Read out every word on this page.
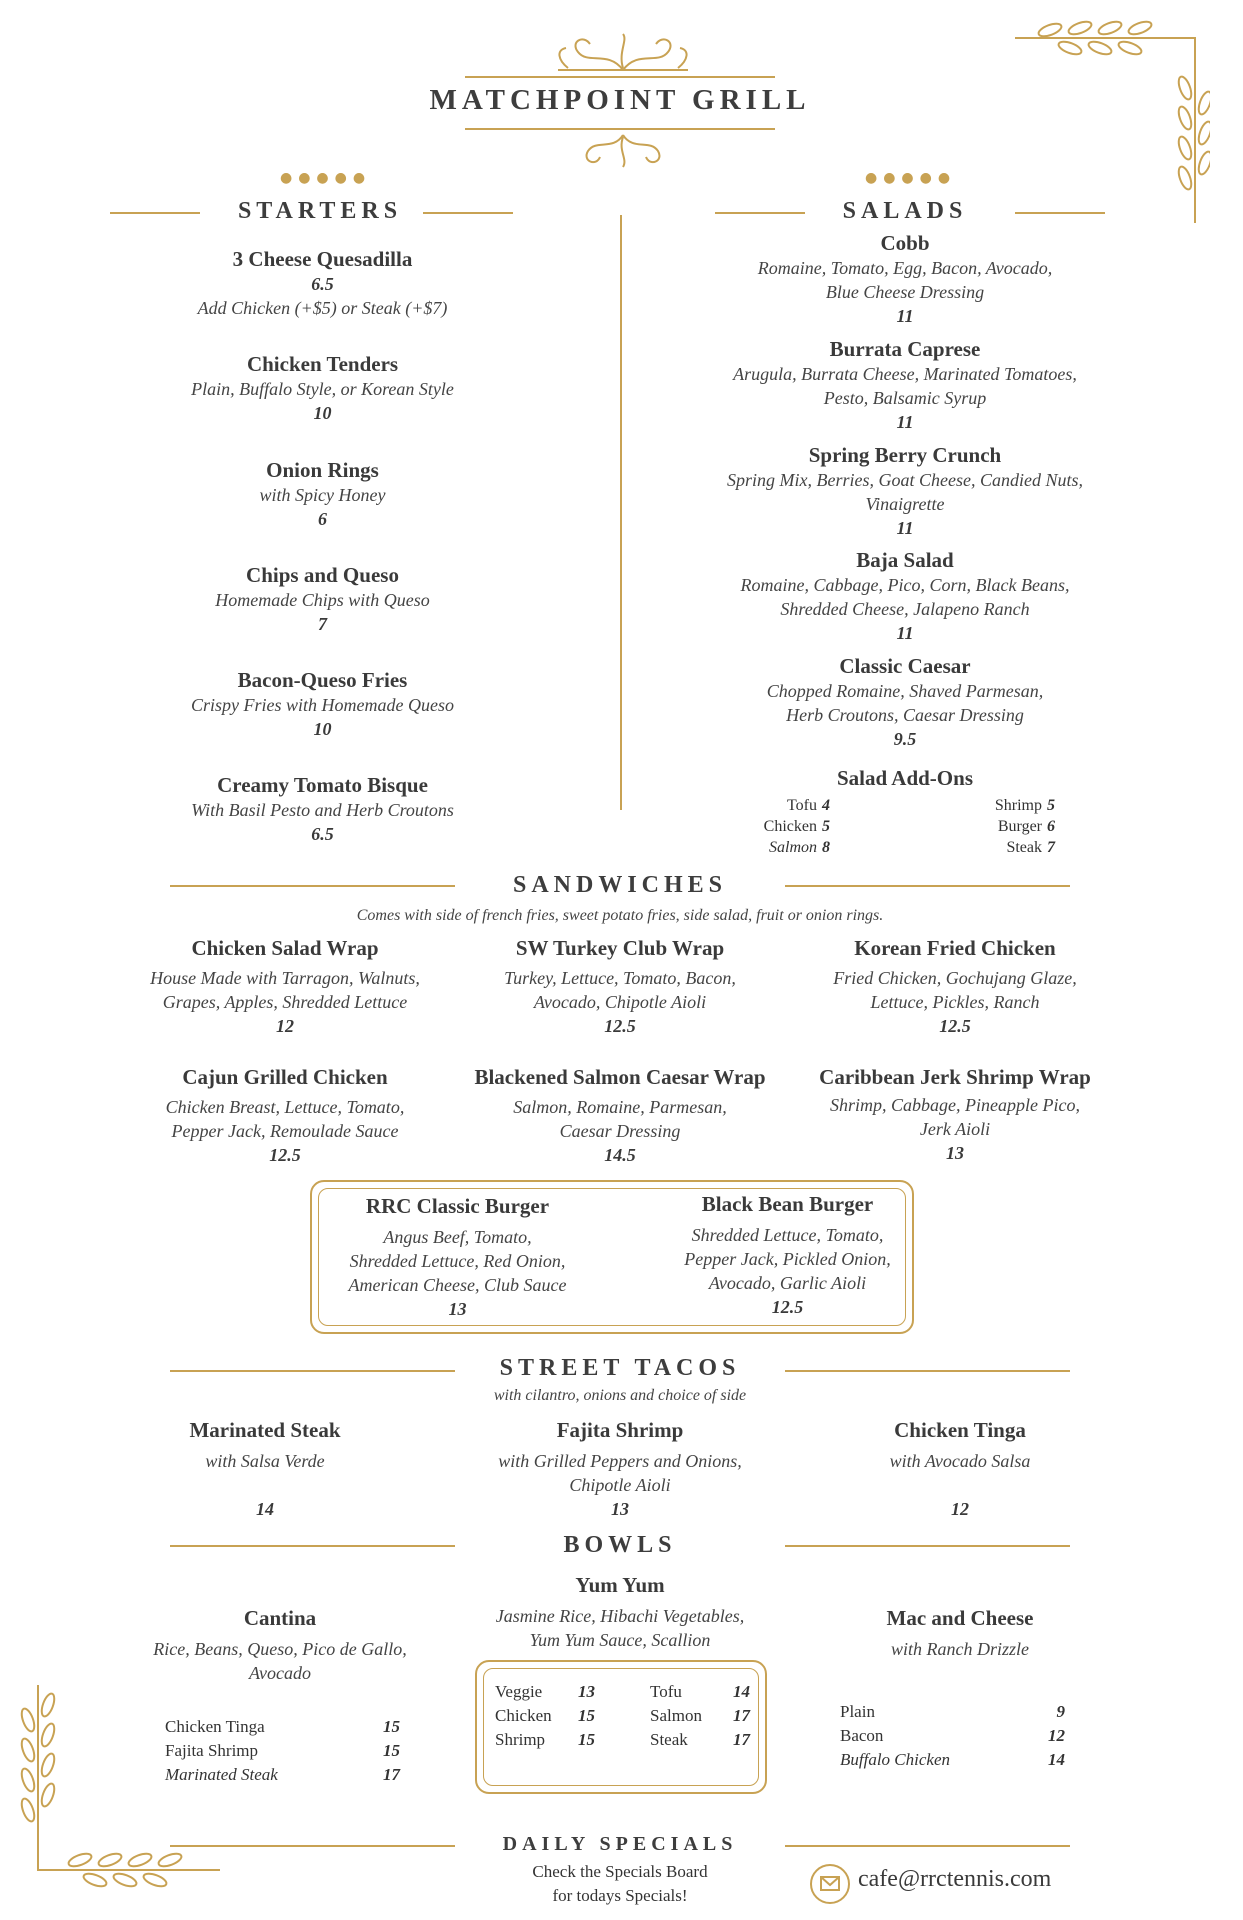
MATCHPOINT GRILL
●●●●●
STARTERS
3 Cheese Quesadilla
6.5
Add Chicken (+$5) or Steak (+$7)
Chicken Tenders
Plain, Buffalo Style, or Korean Style
10
Onion Rings
with Spicy Honey
6
Chips and Queso
Homemade Chips with Queso
7
Bacon-Queso Fries
Crispy Fries with Homemade Queso
10
Creamy Tomato Bisque
With Basil Pesto and Herb Croutons
6.5
●●●●●
SALADS
Cobb
Romaine, Tomato, Egg, Bacon, Avocado,
Blue Cheese Dressing
11
Burrata Caprese
Arugula, Burrata Cheese, Marinated Tomatoes,
Pesto, Balsamic Syrup
11
Spring Berry Crunch
Spring Mix, Berries, Goat Cheese, Candied Nuts,
Vinaigrette
11
Baja Salad
Romaine, Cabbage, Pico, Corn, Black Beans,
Shredded Cheese, Jalapeno Ranch
11
Classic Caesar
Chopped Romaine, Shaved Parmesan,
Herb Croutons, Caesar Dressing
9.5
Salad Add-Ons
Tofu 4
Chicken 5
Salmon 8
Shrimp 5
Burger 6
Steak 7
SANDWICHES
Comes with side of french fries, sweet potato fries, side salad, fruit or onion rings.
Chicken Salad Wrap
House Made with Tarragon, Walnuts,
Grapes, Apples, Shredded Lettuce
12
SW Turkey Club Wrap
Turkey, Lettuce, Tomato, Bacon,
Avocado, Chipotle Aioli
12.5
Korean Fried Chicken
Fried Chicken, Gochujang Glaze,
Lettuce, Pickles, Ranch
12.5
Cajun Grilled Chicken
Chicken Breast, Lettuce, Tomato,
Pepper Jack, Remoulade Sauce
12.5
Blackened Salmon Caesar Wrap
Salmon, Romaine, Parmesan,
Caesar Dressing
14.5
Caribbean Jerk Shrimp Wrap
Shrimp, Cabbage, Pineapple Pico,
Jerk Aioli
13
RRC Classic Burger
Angus Beef, Tomato,
Shredded Lettuce, Red Onion,
American Cheese, Club Sauce
13
Black Bean Burger
Shredded Lettuce, Tomato,
Pepper Jack, Pickled Onion,
Avocado, Garlic Aioli
12.5
STREET TACOS
with cilantro, onions and choice of side
Marinated Steak
with Salsa Verde
14
Fajita Shrimp
with Grilled Peppers and Onions,
Chipotle Aioli
13
Chicken Tinga
with Avocado Salsa
12
BOWLS
Cantina
Rice, Beans, Queso, Pico de Gallo,
Avocado
Chicken Tinga	15
Fajita Shrimp	15
Marinated Steak	17
Yum Yum
Jasmine Rice, Hibachi Vegetables,
Yum Yum Sauce, Scallion
Veggie 13
Chicken 15
Shrimp 15
Tofu	14
Salmon 17
Steak	17
Mac and Cheese
with Ranch Drizzle
Plain	9
Bacon	12
Buffalo Chicken	14
DAILY SPECIALS
Check the Specials Board
for todays Specials!
cafe@rrctennis.com
